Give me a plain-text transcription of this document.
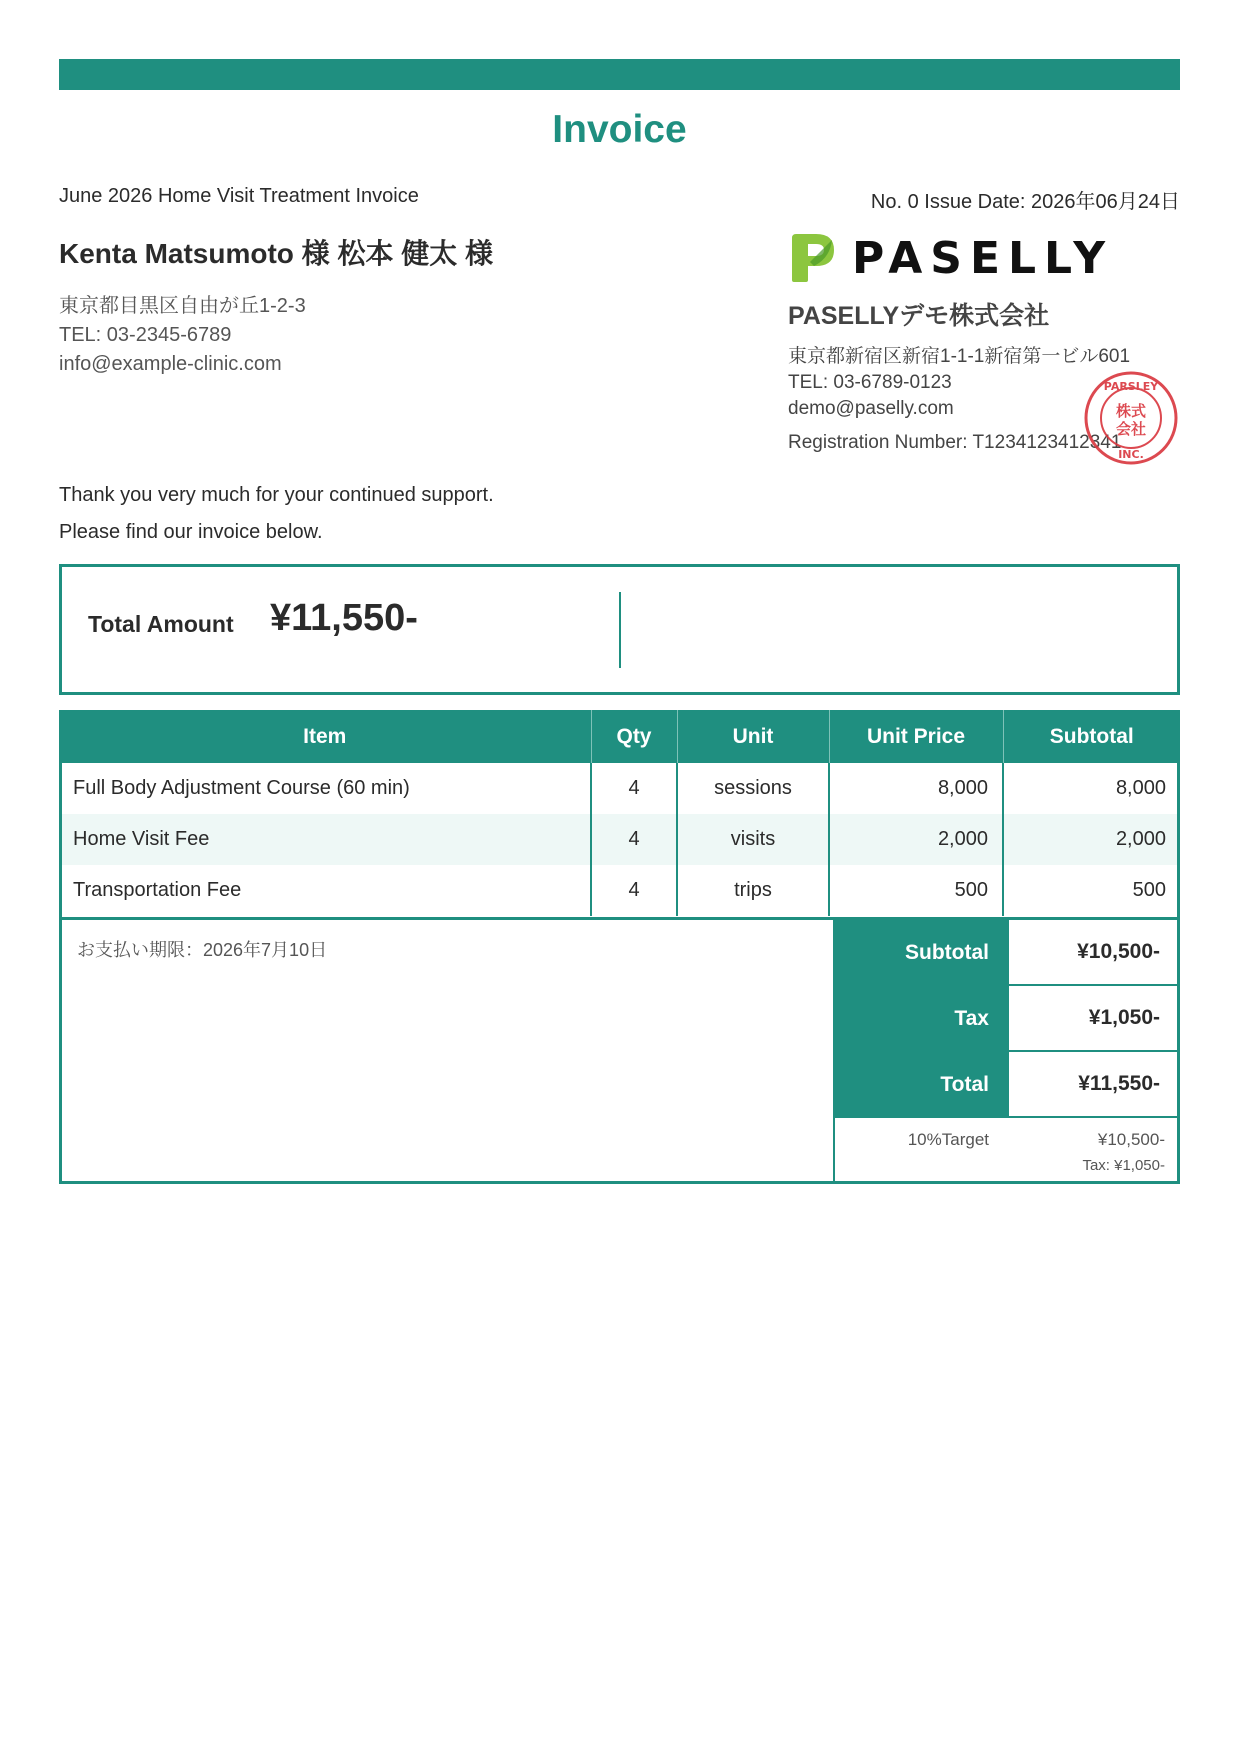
Invoice
June 2026 Home Visit Treatment Invoice	No. 0 Issue Date: 2026年06月24日
Kenta Matsumoto 様 松本 健太 様
東京都目黒区自由が丘1-2-3
TEL: 03-2345-6789
info@example-clinic.com
Thank you very much for your continued support.
Please find our invoice below.
PASELLY
PASELLYデモ株式会社
東京都新宿区新宿1-1-1新宿第一ビル601
TEL: 03-6789-0123
demo@paselly.com
Registration Number: T1234123412341
PARSLEY
INC.
株式
会社
Total Amount ¥11,550-
Item	Qty	Unit	Unit Price	Subtotal
Full Body Adjustment Course (60 min)	4	sessions	8,000	8,000
Home Visit Fee	4	visits	2,000	2,000
Transportation Fee	4	trips	500	500
お支払い期限：2026年7月10日	Subtotal	¥10,500-
Tax	¥1,050-
Total	¥11,550-
10%Target	¥10,500-
Tax: ¥1,050-
